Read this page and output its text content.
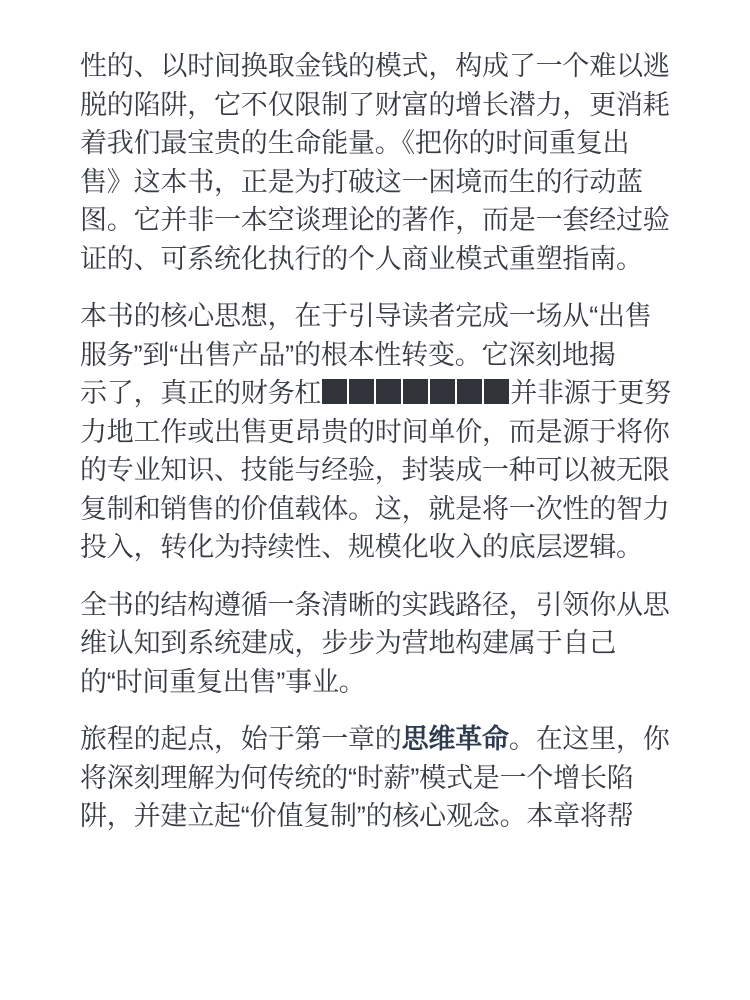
性的、以时间换取金钱的模式，构成了一个难以逃
脱的陷阱，它不仅限制了财富的增长潜力，更消耗
着我们最宝贵的生命能量。《把你的时间重复出
售》这本书，正是为打破这一困境而生的行动蓝
图。它并非一本空谈理论的著作，而是一套经过验
证的、可系统化执行的个人商业模式重塑指南。

本书的核心思想，在于引导读者完成一场从“出售
服务”到“出售产品”的根本性转变。它深刻地揭
示了，真正的财务杠	并非源于更努
力地工作或出售更昂贵的时间单价，而是源于将你
的专业知识、技能与经验，封装成一种可以被无限
复制和销售的价值载体。这，就是将一次性的智力
投入，转化为持续性、规模化收入的底层逻辑。

全书的结构遵循一条清晰的实践路径，引领你从思
维认知到系统建成，步步为营地构建属于自己
的“时间重复出售”事业。

旅程的起点，始于第一章的思维革命。在这里，你
将深刻理解为何传统的“时薪”模式是一个增长陷
阱，并建立起“价值复制”的核心观念。本章将帮
